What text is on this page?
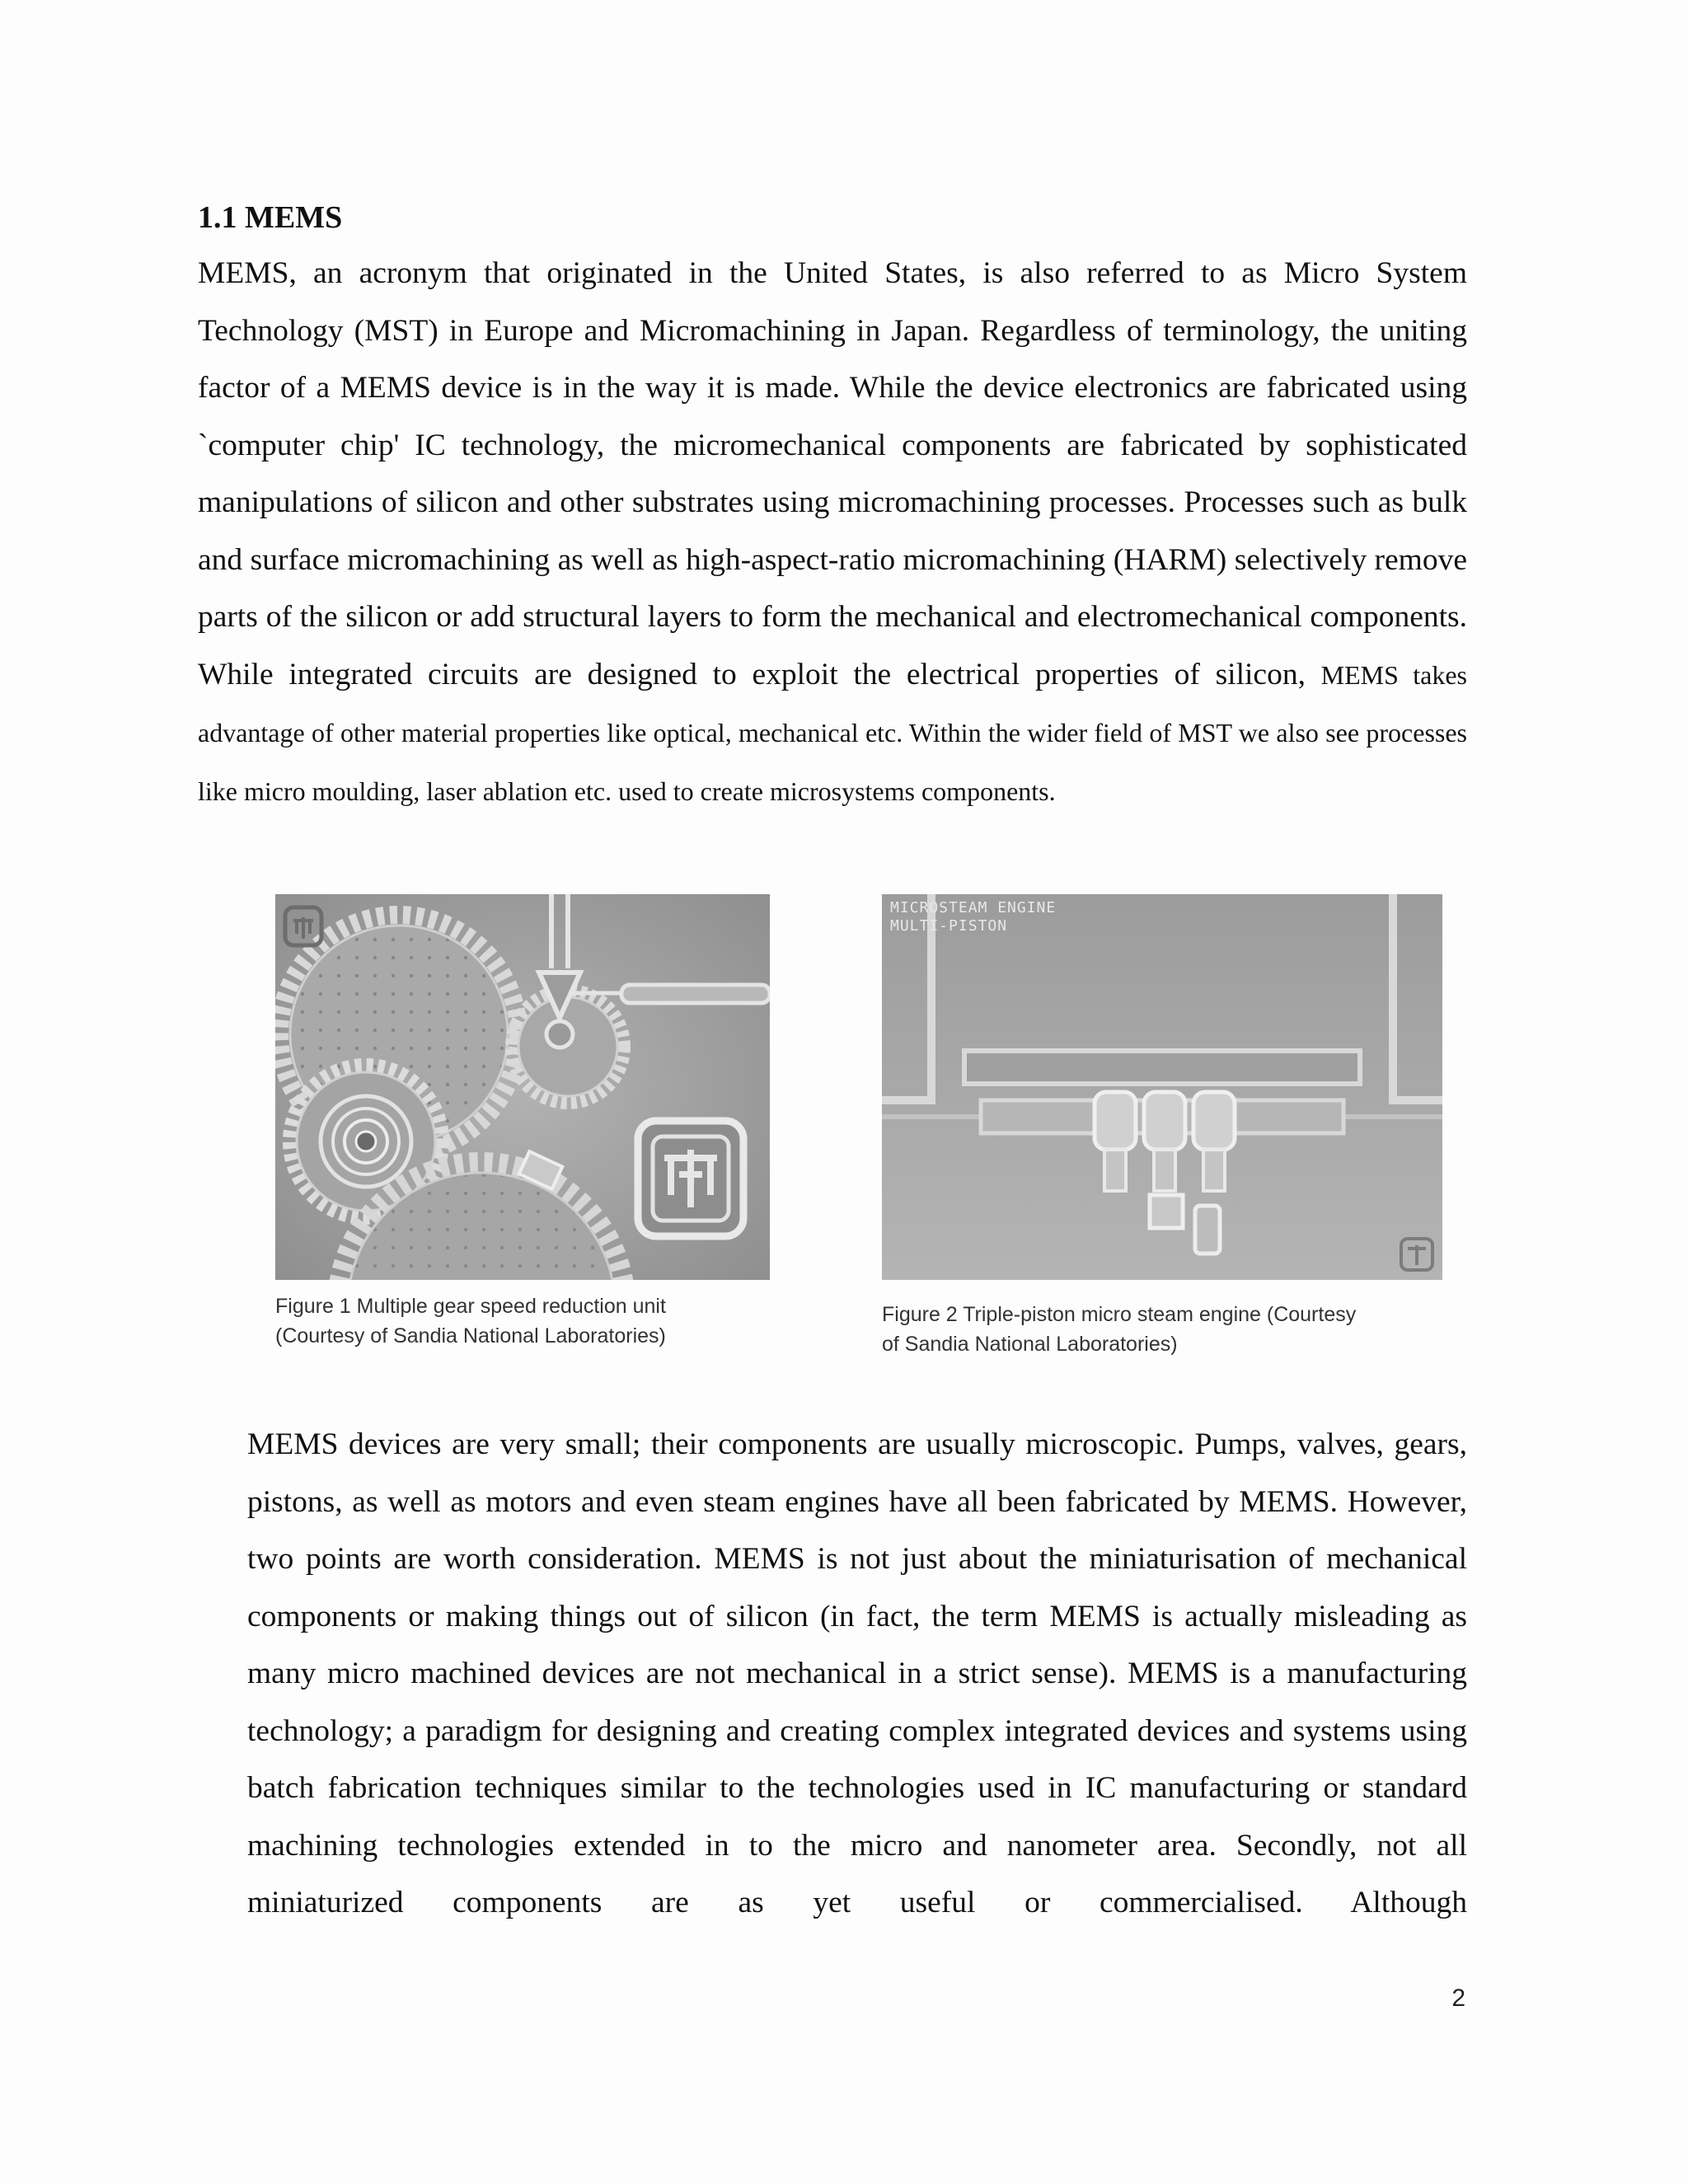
1.1 MEMS

MEMS, an acronym that originated in the United States, is also referred to as Micro System Technology (MST) in Europe and Micromachining in Japan. Regardless of terminology, the uniting factor of a MEMS device is in the way it is made. While the device electronics are fabricated using `computer chip' IC technology, the micromechanical components are fabricated by sophisticated manipulations of silicon and other substrates using micromachining processes. Processes such as bulk and surface micromachining as well as high-aspect-ratio micromachining (HARM) selectively remove parts of the silicon or add structural layers to form the mechanical and electromechanical components. While integrated circuits are designed to exploit the electrical properties of silicon, MEMS takes advantage of other material properties like optical, mechanical etc. Within the wider field of MST we also see processes like micro moulding, laser ablation etc. used to create microsystems components.

Figure 1 Multiple gear speed reduction unit
(Courtesy of Sandia National Laboratories)
MICROSTEAM ENGINE
MULTI-PISTON
Figure 2 Triple-piston micro steam engine (Courtesy
of Sandia National Laboratories)

MEMS devices are very small; their components are usually microscopic. Pumps, valves, gears, pistons, as well as motors and even steam engines have all been fabricated by MEMS. However, two points are worth consideration. MEMS is not just about the miniaturisation of mechanical components or making things out of silicon (in fact, the term MEMS is actually misleading as many micro machined devices are not mechanical in a strict sense). MEMS is a manufacturing technology; a paradigm for designing and creating complex integrated devices and systems using batch fabrication techniques similar to the technologies used in IC manufacturing or standard machining technologies extended in to the micro and nanometer area. Secondly, not all miniaturized components are as yet useful or commercialised. Although

2
